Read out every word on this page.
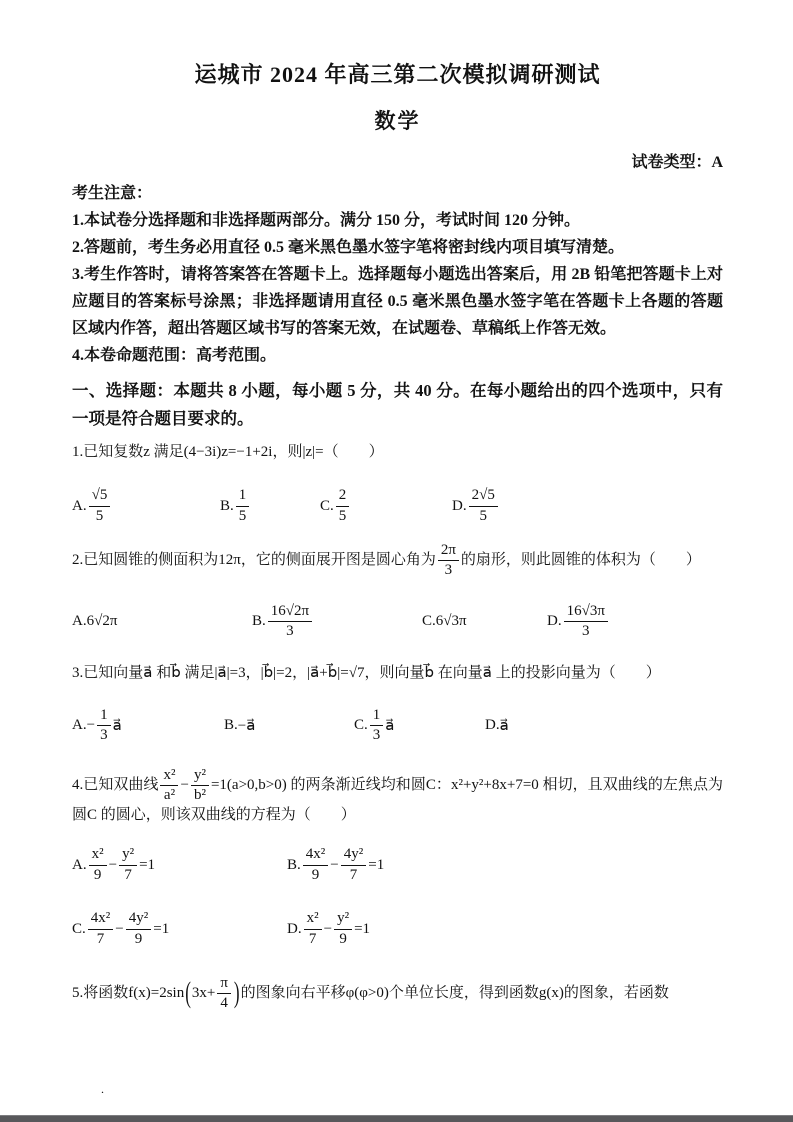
运城市 2024 年高三第二次模拟调研测试
数学
试卷类型：A

考生注意：

1.本试卷分选择题和非选择题两部分。满分 150 分，考试时间 120 分钟。

2.答题前，考生务必用直径 0.5 毫米黑色墨水签字笔将密封线内项目填写清楚。

3.考生作答时，请将答案答在答题卡上。选择题每小题选出答案后，用 2B 铅笔把答题卡上对应题目的答案标号涂黑；非选择题请用直径 0.5 毫米黑色墨水签字笔在答题卡上各题的答题区域内作答，超出答题区域书写的答案无效，在试题卷、草稿纸上作答无效。

4.本卷命题范围：高考范围。

一、选择题：本题共 8 小题，每小题 5 分，共 40 分。在每小题给出的四个选项中，只有一项是符合题目要求的。

1.已知复数z 满足(4−3i)z=−1+2i，则|z|=（　　）

A. $\frac{√5}{5}$	B. $\frac{1}{5}$	C. $\frac{2}{5}$	D. $\frac{2√5}{5}$

2.已知圆锥的侧面积为12π，它的侧面展开图是圆心角为 $\frac{2\pi}{3}$ 的扇形，则此圆锥的体积为（　　）

A. 6√2π	B. $\frac{16√2\pi}{3}$	C. 6√3π	D. $\frac{16√3\pi}{3}$

3.已知向量a⃗ 和b⃗ 满足|a⃗|=3，|b⃗|=2，|a⃗+b⃗|=√7，则向量b⃗ 在向量a⃗ 上的投影向量为（　　）

A. − $\frac{1}{3}$ a⃗	B. −a⃗	C. $\frac{1}{3}$ a⃗	D. a⃗

4.已知双曲线 $\frac{\text{x²}}{\text{a²}} - \frac{\text{y²}}{\text{b²}} =1(a>0,b>0)$ 的两条渐近线均和圆C：x²+y²+8x+7=0 相切，且双曲线的左焦点为圆C 的圆心，则该双曲线的方程为（　　）

A. $\frac{\text{x²}}{9} - \frac{\text{y²}}{7} =1$	B. $\frac{\text{4x²}}{9} - \frac{\text{4y²}}{7} =1$
C. $\frac{\text{4x²}}{7} - \frac{\text{4y²}}{9} =1$	D. $\frac{\text{x²}}{7} - \frac{\text{y²}}{9} =1$

5.将函数$f(x)=2\sin(3x+ \frac{\pi}{4}$ )的图象向右平移φ(φ>0)个单位长度，得到函数g(x)的图象，若函数

.
